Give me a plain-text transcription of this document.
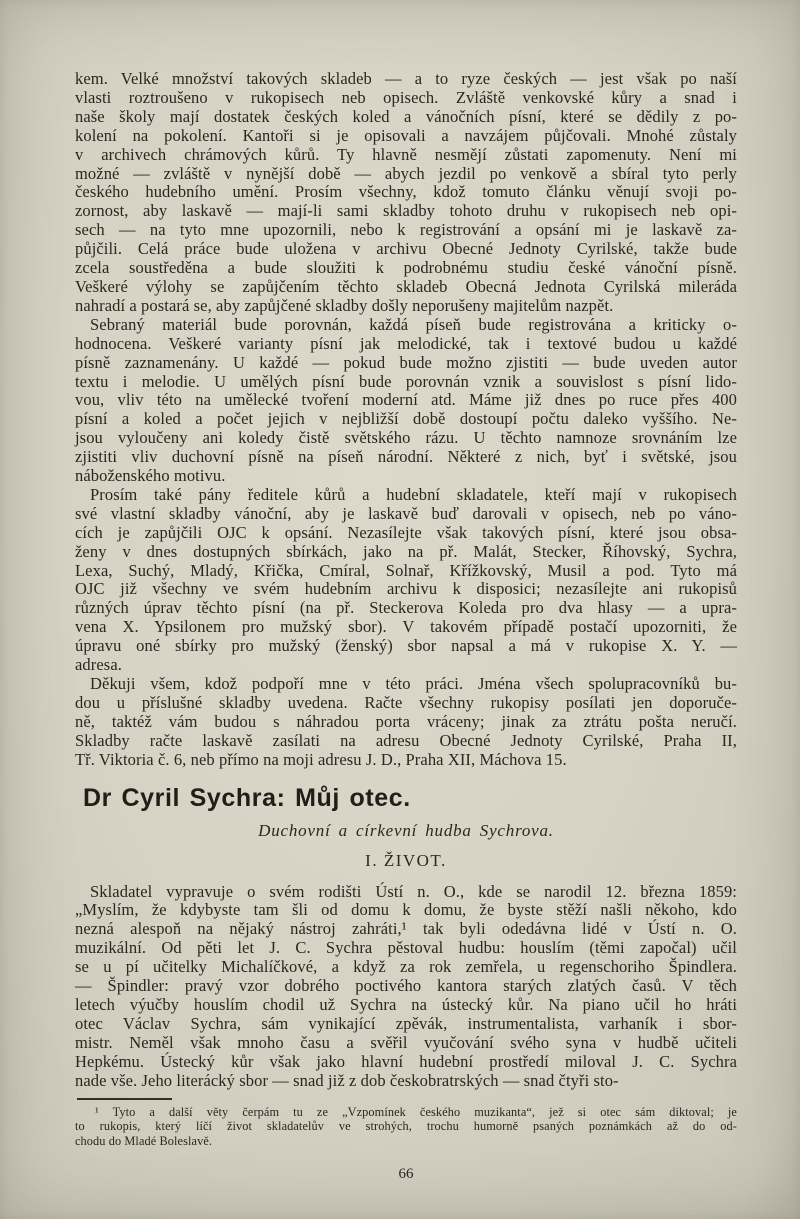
kem. Velké množství takových skladeb — a to ryze českých — jest však po naší
vlasti roztroušeno v rukopisech neb opisech. Zvláště venkovské kůry a snad i
naše školy mají dostatek českých koled a vánočních písní, které se dědily z po-
kolení na pokolení. Kantoři si je opisovali a navzájem půjčovali. Mnohé zůstaly
v archivech chrámových kůrů. Ty hlavně nesmějí zůstati zapomenuty. Není mi
možné — zvláště v nynější době — abych jezdil po venkově a sbíral tyto perly
českého hudebního umění. Prosím všechny, kdož tomuto článku věnují svoji po-
zornost, aby laskavě — mají-li sami skladby tohoto druhu v rukopisech neb opi-
sech — na tyto mne upozornili, nebo k registrování a opsání mi je laskavě za-
půjčili. Celá práce bude uložena v archivu Obecné Jednoty Cyrilské, takže bude
zcela soustředěna a bude sloužiti k podrobnému studiu české vánoční písně.
Veškeré výlohy se zapůjčením těchto skladeb Obecná Jednota Cyrilská mileráda
nahradí a postará se, aby zapůjčené skladby došly neporušeny majitelům nazpět.
Sebraný materiál bude porovnán, každá píseň bude registrována a kriticky o-
hodnocena. Veškeré varianty písní jak melodické, tak i textové budou u každé
písně zaznamenány. U každé — pokud bude možno zjistiti — bude uveden autor
textu i melodie. U umělých písní bude porovnán vznik a souvislost s písní lido-
vou, vliv této na umělecké tvoření moderní atd. Máme již dnes po ruce přes 400
písní a koled a počet jejich v nejbližší době dostoupí počtu daleko vyššího. Ne-
jsou vyloučeny ani koledy čistě světského rázu. U těchto namnoze srovnáním lze
zjistiti vliv duchovní písně na píseň národní. Některé z nich, byť i světské, jsou
náboženského motivu.
Prosím také pány ředitele kůrů a hudební skladatele, kteří mají v rukopisech
své vlastní skladby vánoční, aby je laskavě buď darovali v opisech, neb po váno-
cích je zapůjčili OJC k opsání. Nezasílejte však takových písní, které jsou obsa-
ženy v dnes dostupných sbírkách, jako na př. Malát, Stecker, Říhovský, Sychra,
Lexa, Suchý, Mladý, Křička, Cmíral, Solnař, Křížkovský, Musil a pod. Tyto má
OJC již všechny ve svém hudebním archivu k disposici; nezasílejte ani rukopisů
různých úprav těchto písní (na př. Steckerova Koleda pro dva hlasy — a upra-
vena X. Ypsilonem pro mužský sbor). V takovém případě postačí upozorniti, že
úpravu oné sbírky pro mužský (ženský) sbor napsal a má v rukopise X. Y. —
adresa.
Děkuji všem, kdož podpoří mne v této práci. Jména všech spolupracovníků bu-
dou u příslušné skladby uvedena. Račte všechny rukopisy posílati jen doporuče-
ně, taktéž vám budou s náhradou porta vráceny; jinak za ztrátu pošta neručí.
Skladby račte laskavě zasílati na adresu Obecné Jednoty Cyrilské, Praha II,
Tř. Viktoria č. 6, neb přímo na moji adresu J. D., Praha XII, Máchova 15.
Dr Cyril Sychra: Můj otec.
Duchovní a církevní hudba Sychrova.
I. ŽIVOT.
Skladatel vypravuje o svém rodišti Ústí n. O., kde se narodil 12. března 1859:
„Myslím, že kdybyste tam šli od domu k domu, že byste stěží našli někoho, kdo
nezná alespoň na nějaký nástroj zahráti,¹ tak byli odedávna lidé v Ústí n. O.
muzikální. Od pěti let J. C. Sychra pěstoval hudbu: houslím (těmi započal) učil
se u pí učitelky Michalíčkové, a když za rok zemřela, u regenschoriho Špindlera.
— Špindler: pravý vzor dobrého poctivého kantora starých zlatých časů. V těch
letech výučby houslím chodil už Sychra na ústecký kůr. Na piano učil ho hráti
otec Václav Sychra, sám vynikající zpěvák, instrumentalista, varhaník i sbor-
mistr. Neměl však mnoho času a svěřil vyučování svého syna v hudbě učiteli
Hepkému. Ústecký kůr však jako hlavní hudební prostředí miloval J. C. Sychra
nade vše. Jeho literácký sbor — snad již z dob českobratrských — snad čtyři sto-
¹ Tyto a další věty čerpám tu ze „Vzpomínek českého muzikanta“, jež si otec sám diktoval; je
to rukopis, který líčí život skladatelův ve strohých, trochu humorně psaných poznámkách až do od-
chodu do Mladé Boleslavě.
66
